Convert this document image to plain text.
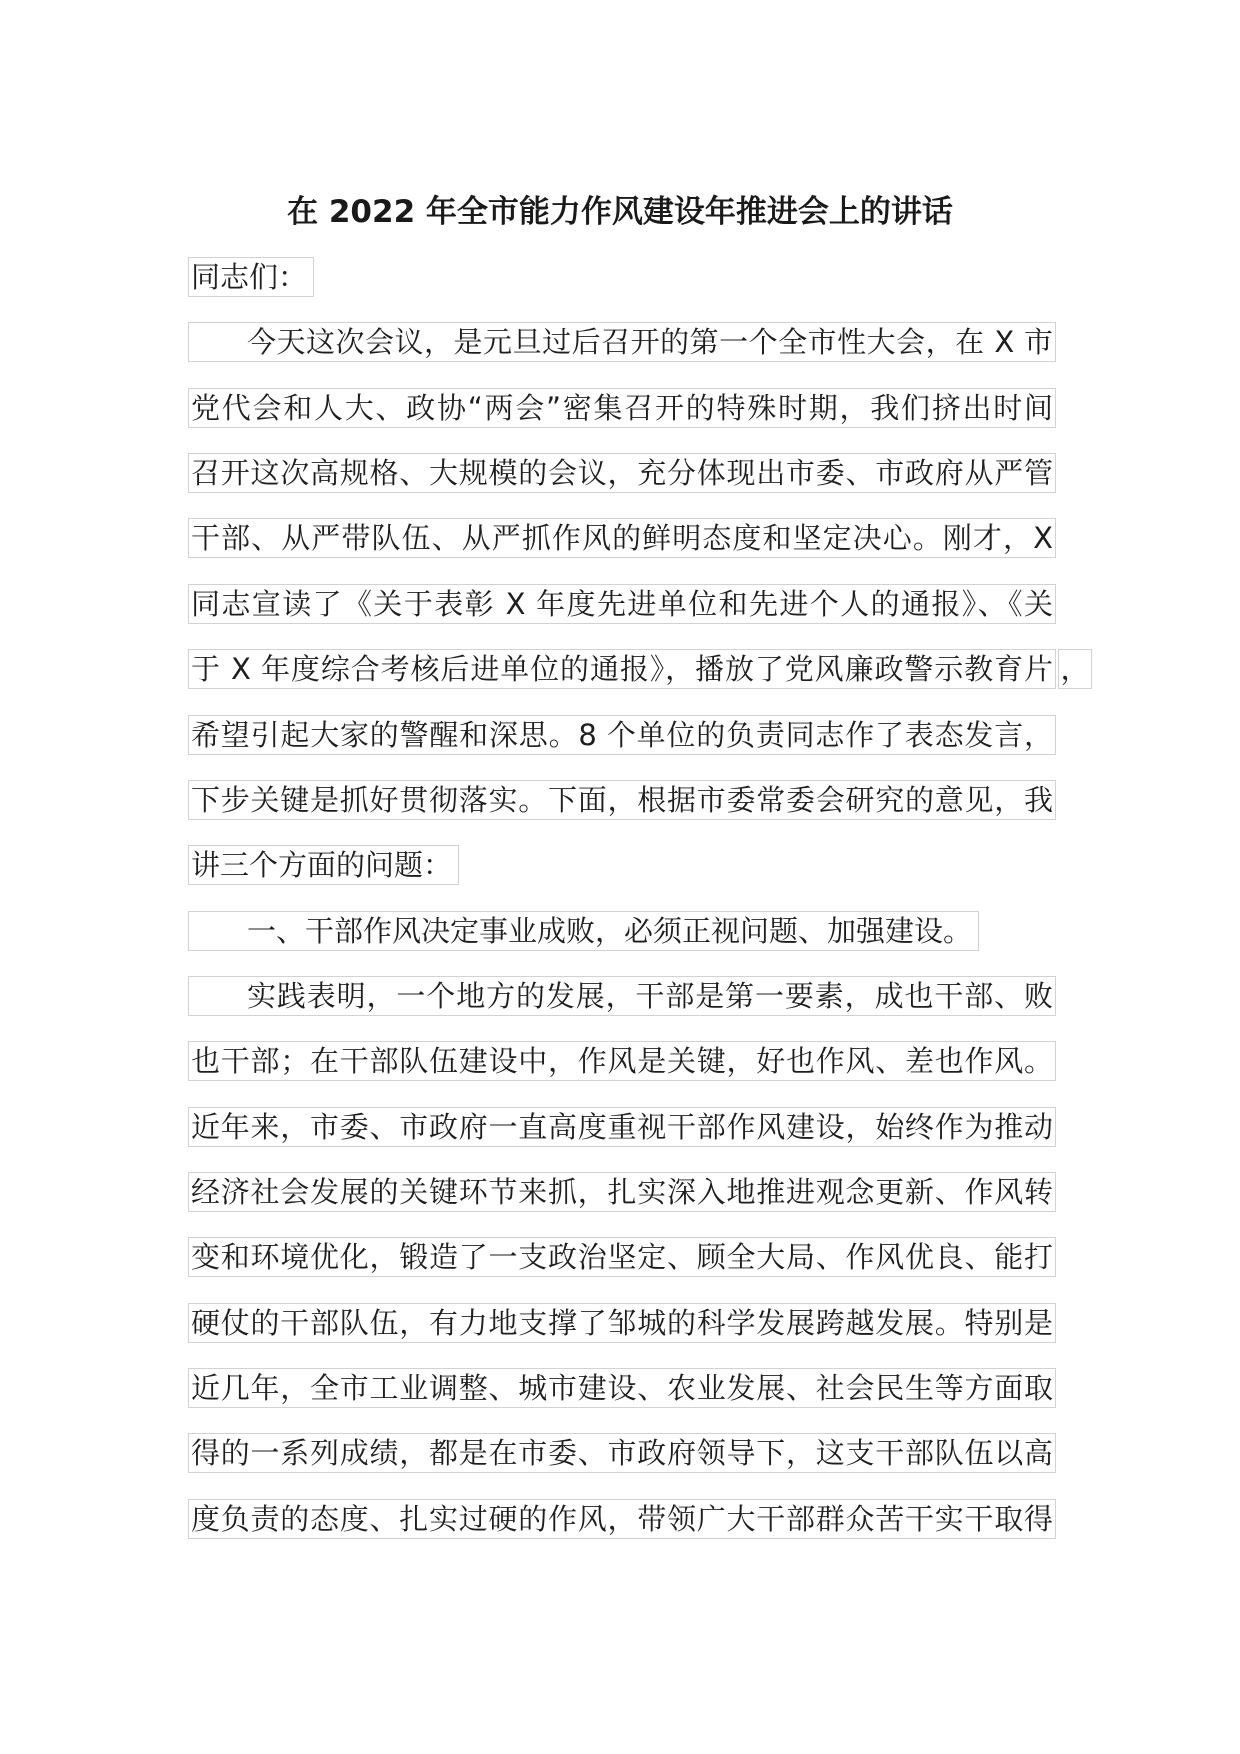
在 2022 年全市能力作风建设年推进会上的讲话
同志们：
今天这次会议，是元旦过后召开的第一个全市性大会，在 X 市
党代会和人大、政协“两会”密集召开的特殊时期，我们挤出时间
召开这次高规格、大规模的会议，充分体现出市委、市政府从严管
干部、从严带队伍、从严抓作风的鲜明态度和坚定决心。刚才，X
同志宣读了《关于表彰 X 年度先进单位和先进个人的通报》、《关
于 X 年度综合考核后进单位的通报》，播放了党风廉政警示教育片 ，
希望引起大家的警醒和深思。8 个单位的负责同志作了表态发言，
下步关键是抓好贯彻落实。下面，根据市委常委会研究的意见，我
讲三个方面的问题：
一、干部作风决定事业成败，必须正视问题、加强建设。
实践表明，一个地方的发展，干部是第一要素，成也干部、败
也干部；在干部队伍建设中，作风是关键，好也作风、差也作风。
近年来，市委、市政府一直高度重视干部作风建设，始终作为推动
经济社会发展的关键环节来抓，扎实深入地推进观念更新、作风转
变和环境优化，锻造了一支政治坚定、顾全大局、作风优良、能打
硬仗的干部队伍，有力地支撑了邹城的科学发展跨越发展。特别是
近几年，全市工业调整、城市建设、农业发展、社会民生等方面取
得的一系列成绩，都是在市委、市政府领导下，这支干部队伍以高
度负责的态度、扎实过硬的作风，带领广大干部群众苦干实干取得
